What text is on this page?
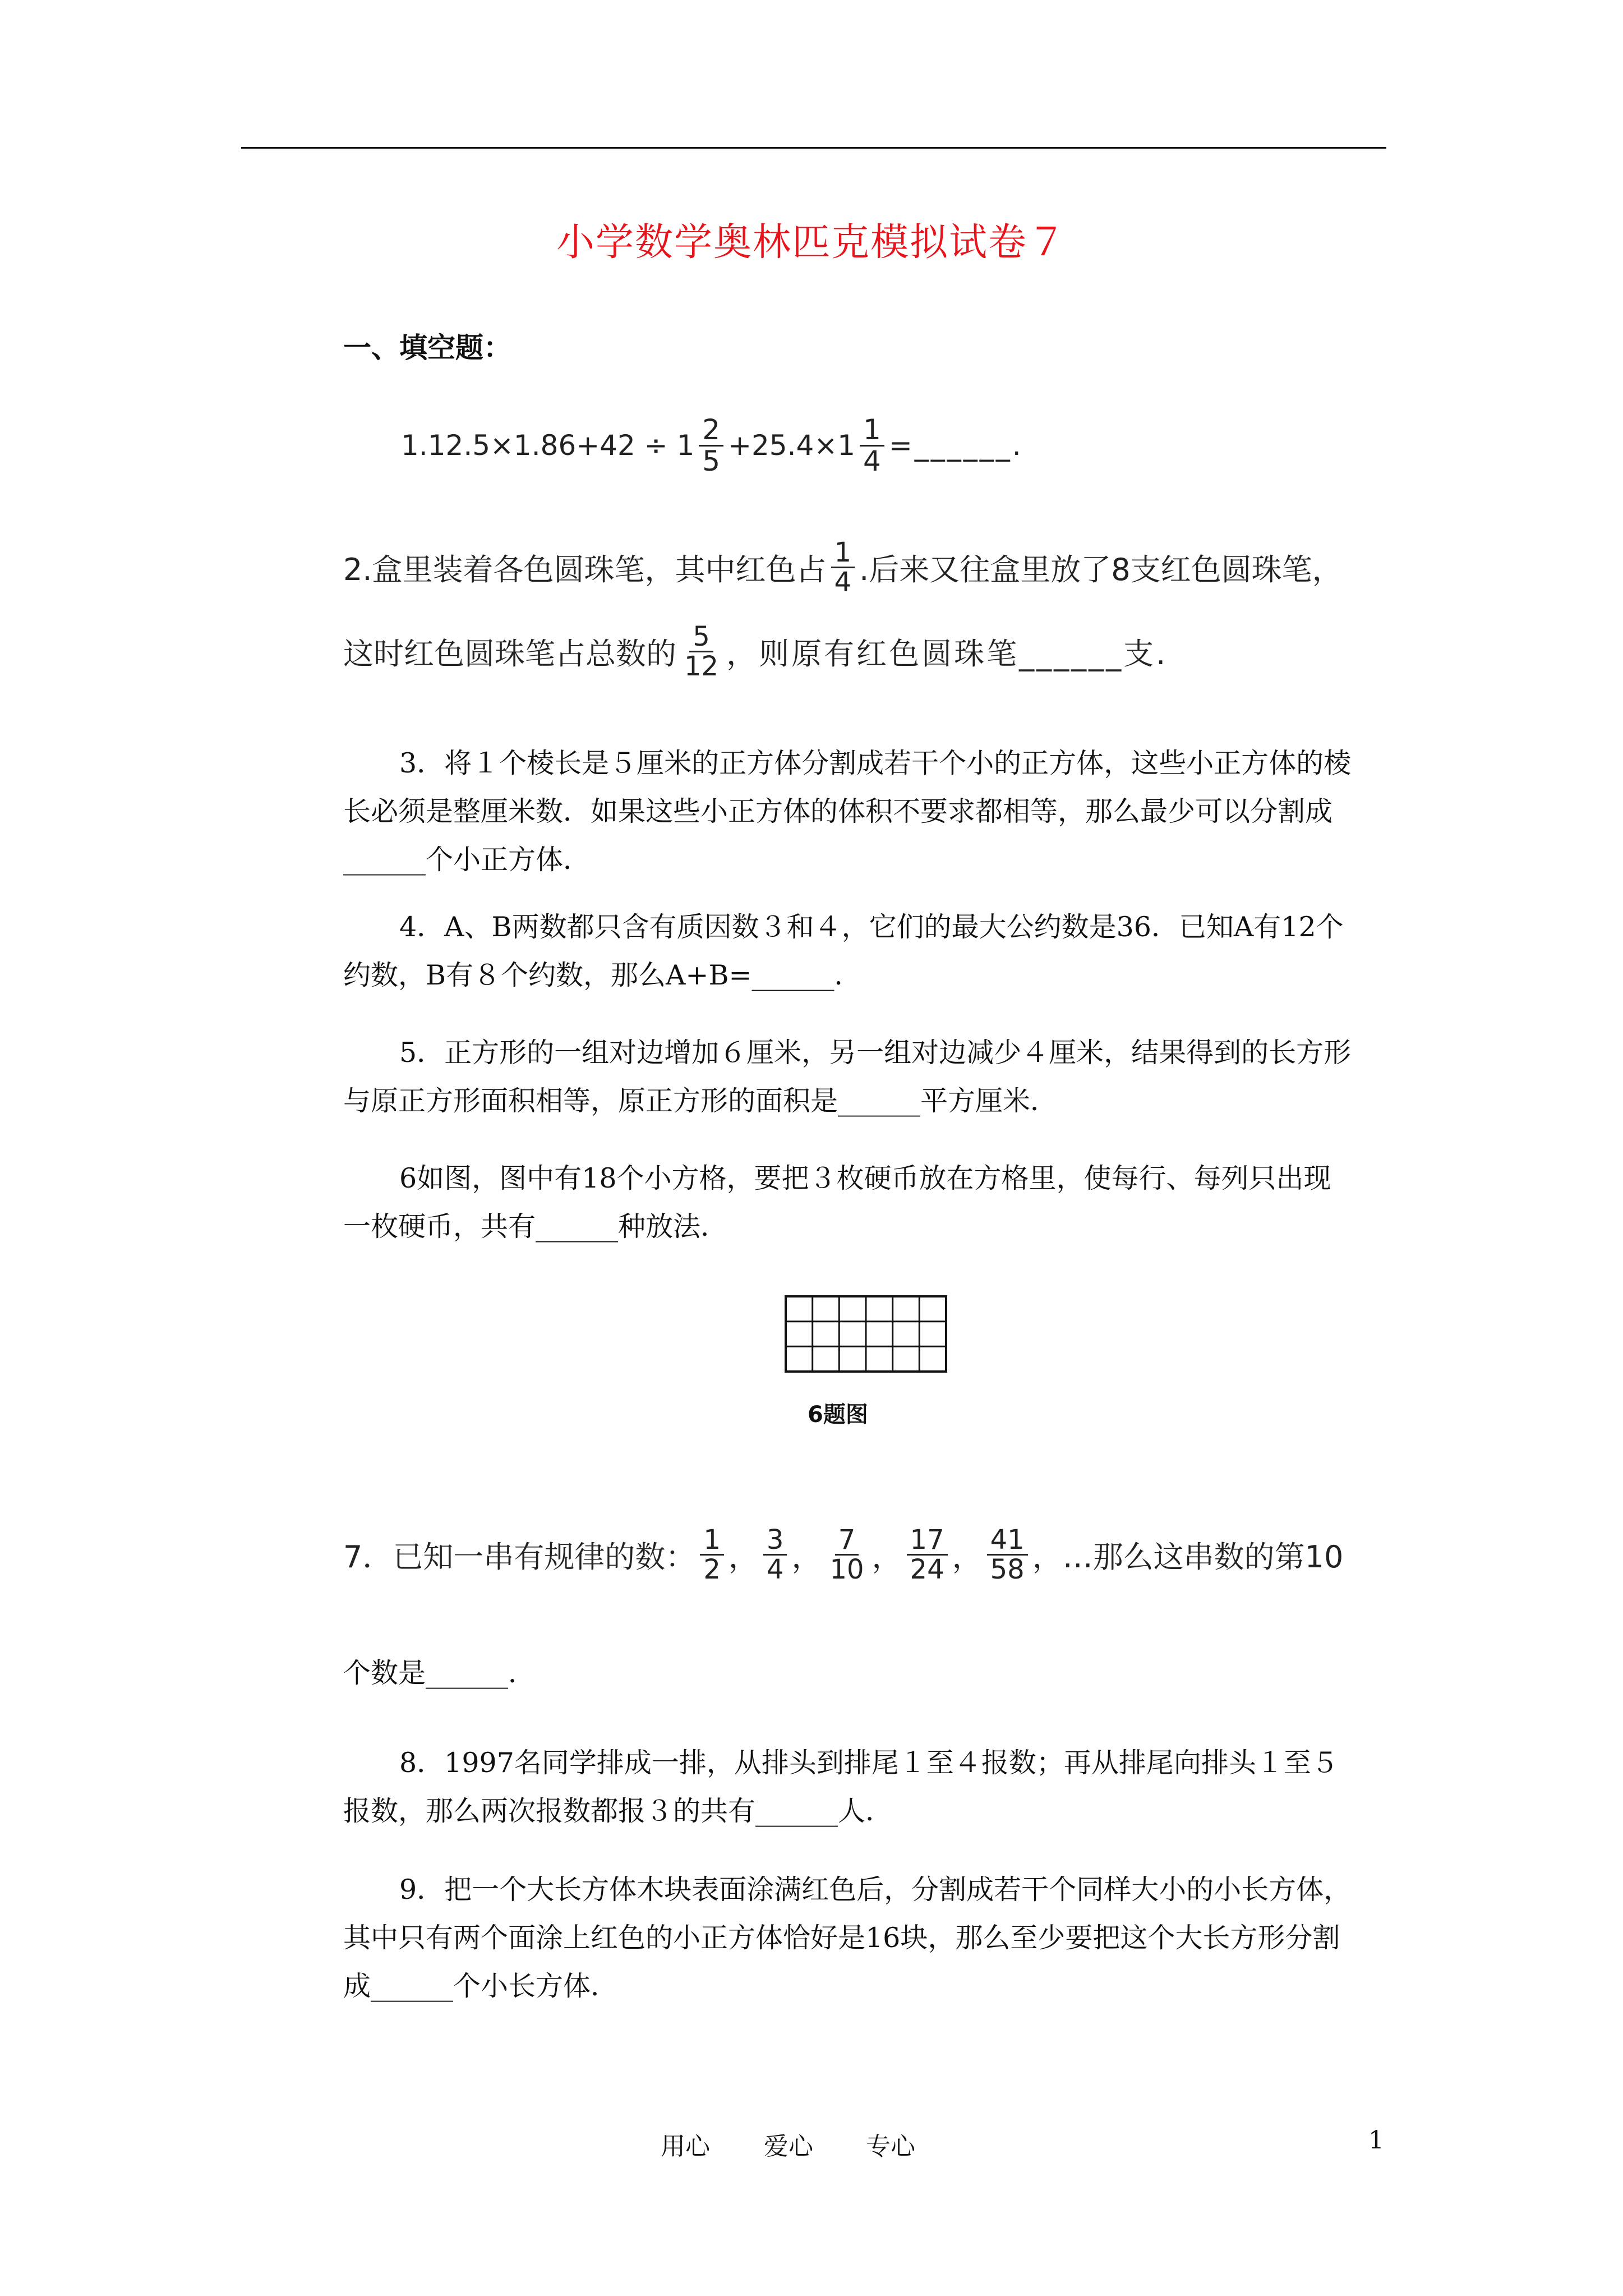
小学数学奥林匹克模拟试卷７
一、填空题：
$1.12.5\times 1.86+42 \div 1 \frac{2}{5} +25.4\times 1 \frac{1}{4}$ =______.
2.盒里装着各色圆珠笔，其中红色占 $\frac{1}{4}$ .后来又往盒里放了8支红色圆珠笔，
这时红色圆珠笔占总数的 $\frac{5}{12}$ ，则原有红色圆珠笔______支.
3．将１个棱长是５厘米的正方体分割成若干个小的正方体，这些小正方体的棱
长必须是整厘米数．如果这些小正方体的体积不要求都相等，那么最少可以分割成
______个小正方体．
4．A、B两数都只含有质因数３和４，它们的最大公约数是36．已知A有12个
约数，B有８个约数，那么A+B=______．
5．正方形的一组对边增加６厘米，另一组对边减少４厘米，结果得到的长方形
与原正方形面积相等，原正方形的面积是______平方厘米．
6如图，图中有18个小方格，要把３枚硬币放在方格里，使每行、每列只出现
一枚硬币，共有______种放法．
6题图
7．已知一串有规律的数： $\frac{1}{2}$ ， $\frac{3}{4}$ ， $\frac{7}{10}$ ， $\frac{17}{24}$ ， $\frac{41}{58}$ ， …那么这串数的第10
个数是______．
8．1997名同学排成一排，从排头到排尾１至４报数；再从排尾向排头１至５
报数，那么两次报数都报３的共有______人．
9．把一个大长方体木块表面涂满红色后，分割成若干个同样大小的小长方体，
其中只有两个面涂上红色的小正方体恰好是16块，那么至少要把这个大长方形分割
成______个小长方体．
用心 爱心 专心	1
